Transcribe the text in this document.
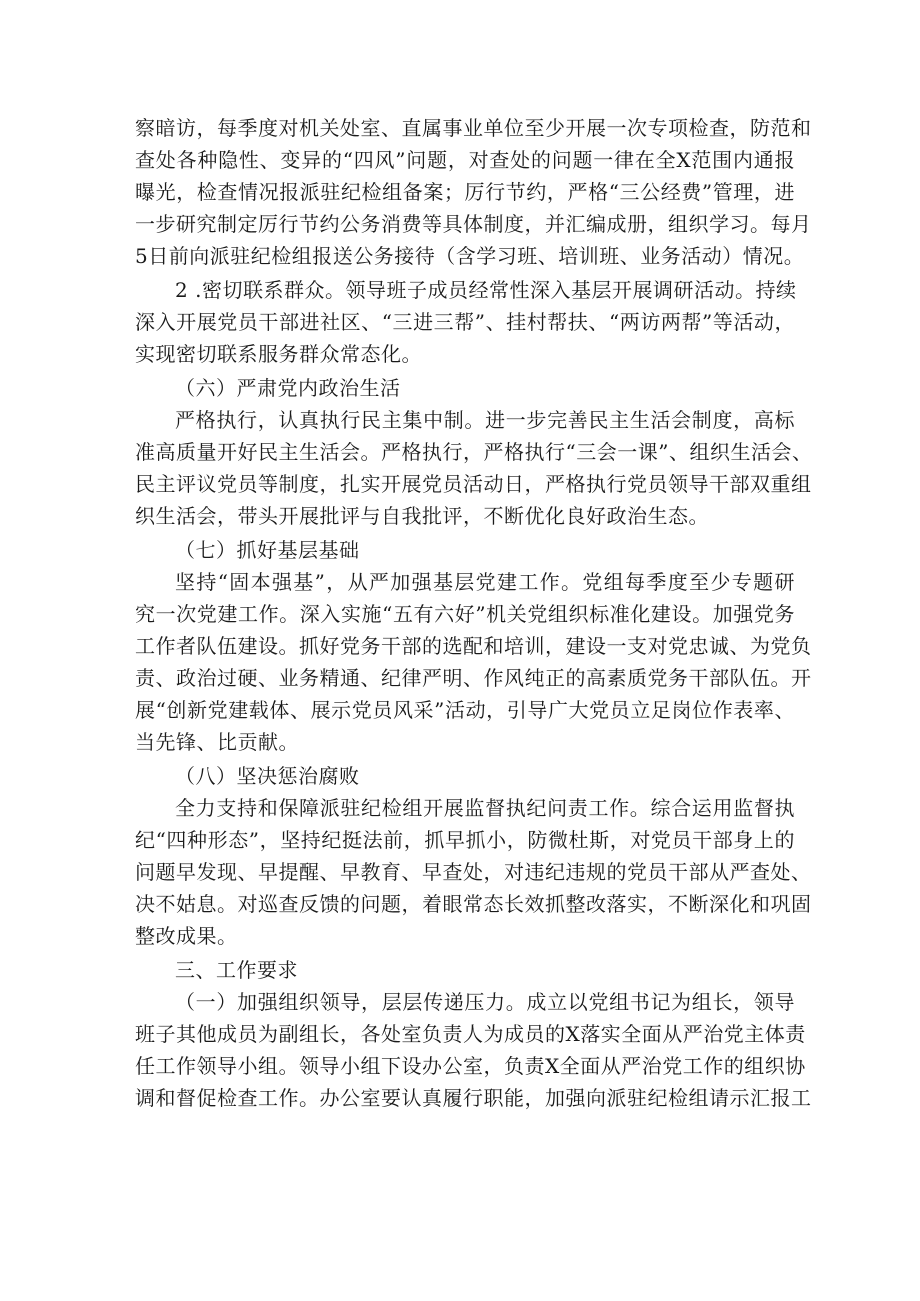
察暗访，每季度对机关处室、直属事业单位至少开展一次专项检查，防范和
查处各种隐性、变异的“四风”问题，对查处的问题一律在全X范围内通报
曝光，检查情况报派驻纪检组备案；厉行节约，严格“三公经费”管理，进
一步研究制定厉行节约公务消费等具体制度，并汇编成册，组织学习。每月
5日前向派驻纪检组报送公务接待（含学习班、培训班、业务活动）情况。
2 .密切联系群众。领导班子成员经常性深入基层开展调研活动。持续
深入开展党员干部进社区、“三进三帮”、挂村帮扶、“两访两帮”等活动，
实现密切联系服务群众常态化。
（六）严肃党内政治生活
严格执行，认真执行民主集中制。进一步完善民主生活会制度，高标
准高质量开好民主生活会。严格执行，严格执行“三会一课”、组织生活会、
民主评议党员等制度，扎实开展党员活动日，严格执行党员领导干部双重组
织生活会，带头开展批评与自我批评，不断优化良好政治生态。
（七）抓好基层基础
坚持“固本强基”，从严加强基层党建工作。党组每季度至少专题研
究一次党建工作。深入实施“五有六好”机关党组织标准化建设。加强党务
工作者队伍建设。抓好党务干部的选配和培训，建设一支对党忠诚、为党负
责、政治过硬、业务精通、纪律严明、作风纯正的高素质党务干部队伍。开
展“创新党建载体、展示党员风采”活动，引导广大党员立足岗位作表率、
当先锋、比贡献。
（八）坚决惩治腐败
全力支持和保障派驻纪检组开展监督执纪问责工作。综合运用监督执
纪“四种形态”，坚持纪挺法前，抓早抓小，防微杜斯，对党员干部身上的
问题早发现、早提醒、早教育、早查处，对违纪违规的党员干部从严查处、
决不姑息。对巡查反馈的问题，着眼常态长效抓整改落实，不断深化和巩固
整改成果。
三、工作要求
（一）加强组织领导，层层传递压力。成立以党组书记为组长，领导
班子其他成员为副组长，各处室负责人为成员的X落实全面从严治党主体责
任工作领导小组。领导小组下设办公室，负责X全面从严治党工作的组织协
调和督促检查工作。办公室要认真履行职能，加强向派驻纪检组请示汇报工
